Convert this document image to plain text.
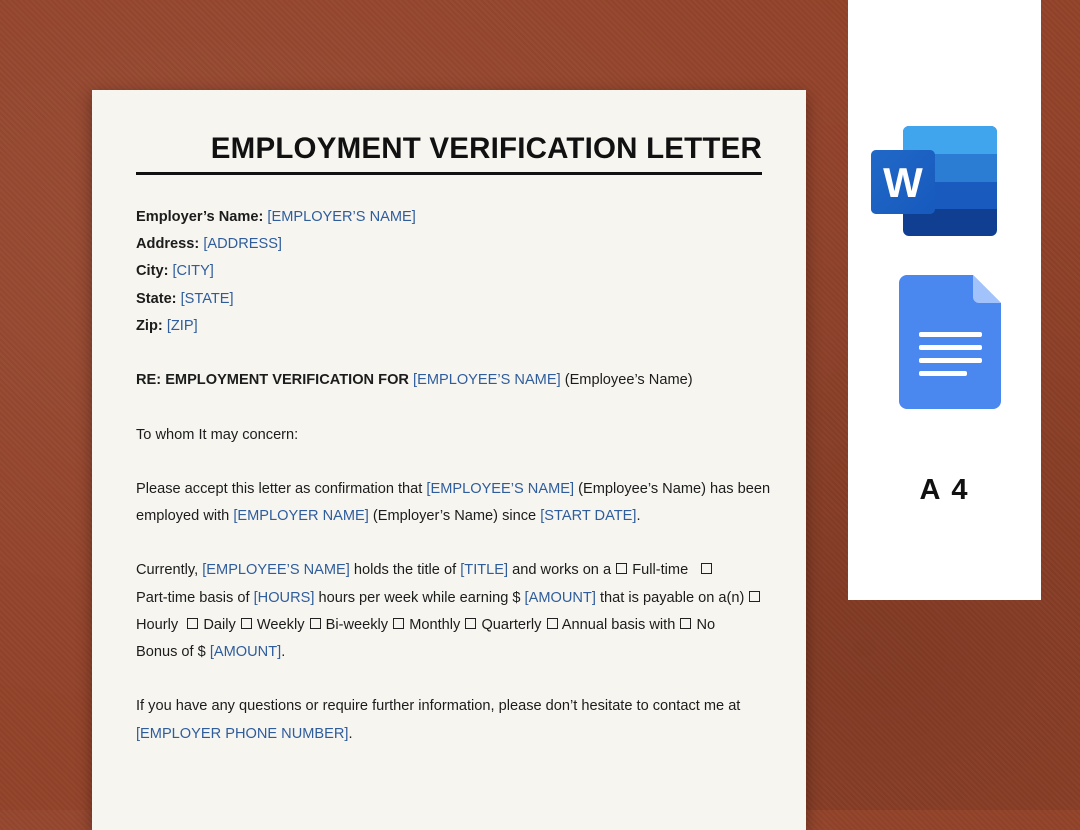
EMPLOYMENT VERIFICATION LETTER
Employer’s Name: [EMPLOYER’S NAME]
Address: [ADDRESS]
City: [CITY]
State: [STATE]
Zip: [ZIP]
RE: EMPLOYMENT VERIFICATION FOR [EMPLOYEE’S NAME] (Employee’s Name)
To whom It may concern:
Please accept this letter as confirmation that [EMPLOYEE’S NAME] (Employee’s Name) has been
employed with [EMPLOYER NAME] (Employer’s Name) since [START DATE].
Currently, [EMPLOYEE’S NAME] holds the title of [TITLE] and works on a Full-time
Part-time basis of [HOURS] hours per week while earning $ [AMOUNT] that is payable on a(n)
Hourly Daily Weekly Bi-weekly Monthly Quarterly Annual basis with No
Bonus of $ [AMOUNT].
If you have any questions or require further information, please don’t hesitate to contact me at
[EMPLOYER PHONE NUMBER].
W
A 4
